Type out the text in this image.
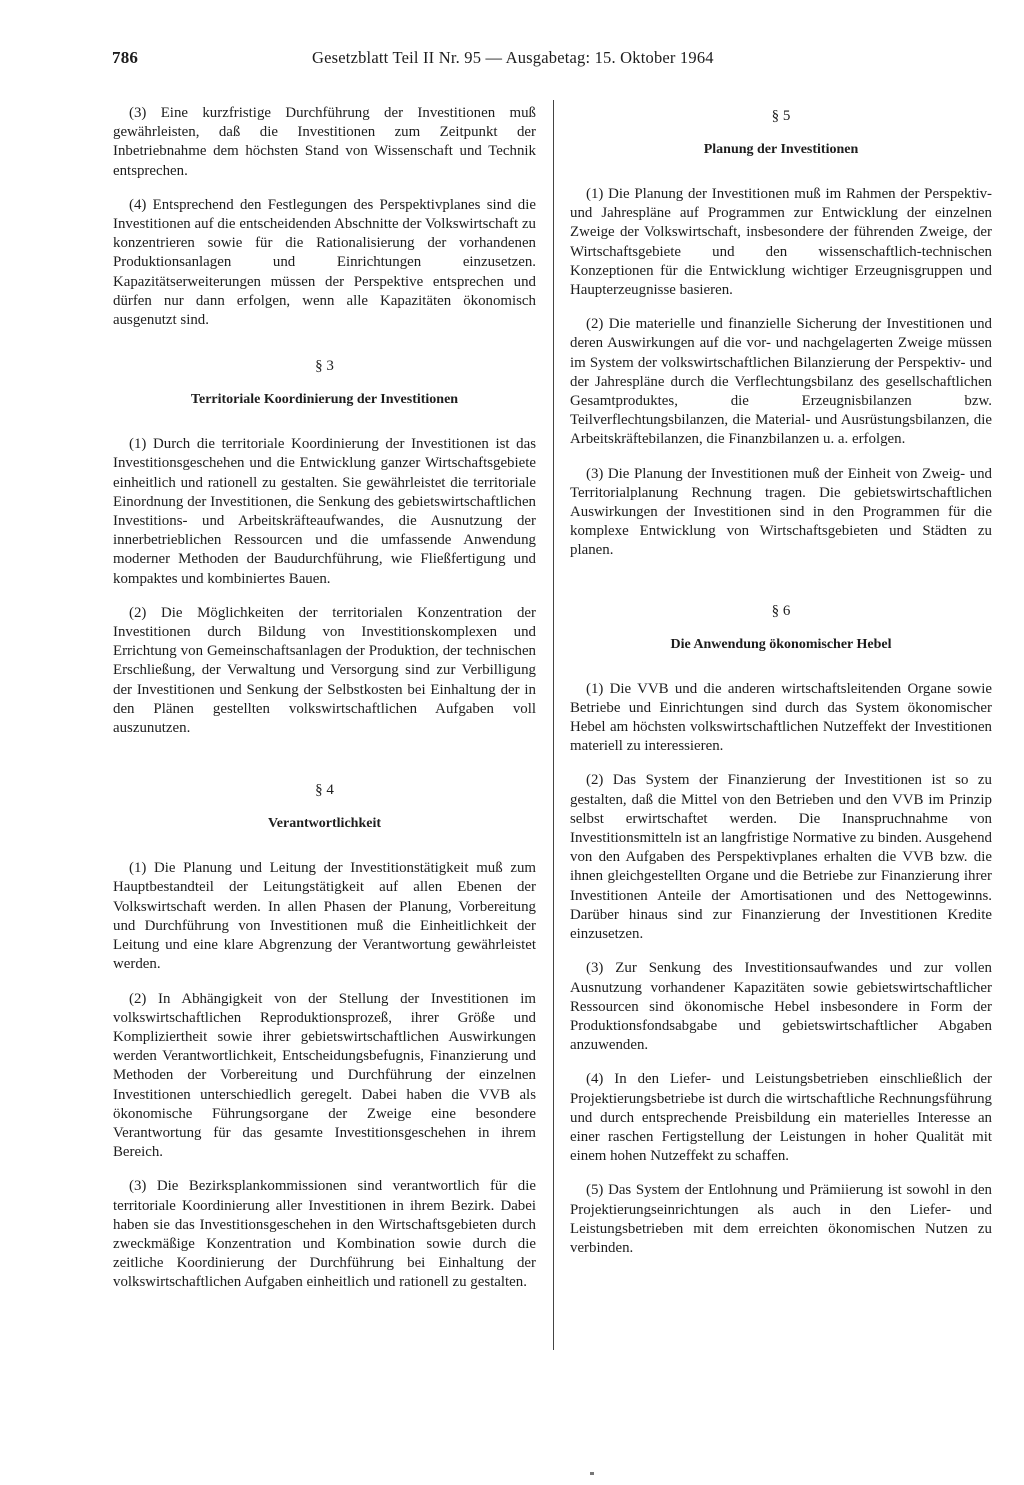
786	Gesetzblatt Teil II Nr. 95 — Ausgabetag: 15. Oktober 1964

(3) Eine kurzfristige Durchführung der Investitionen muß gewährleisten, daß die Investitionen zum Zeitpunkt der Inbetriebnahme dem höchsten Stand von Wissenschaft und Technik entsprechen.

(4) Entsprechend den Festlegungen des Perspektivplanes sind die Investitionen auf die entscheidenden Abschnitte der Volkswirtschaft zu konzentrieren sowie für die Rationalisierung der vorhandenen Produktionsanlagen und Einrichtungen einzusetzen. Kapazitätserweiterungen müssen der Perspektive entsprechen und dürfen nur dann erfolgen, wenn alle Kapazitäten ökonomisch ausgenutzt sind.

§ 3

Territoriale Koordinierung der Investitionen

(1) Durch die territoriale Koordinierung der Investitionen ist das Investitionsgeschehen und die Entwicklung ganzer Wirtschaftsgebiete einheitlich und rationell zu gestalten. Sie gewährleistet die territoriale Einordnung der Investitionen, die Senkung des gebietswirtschaftlichen Investitions- und Arbeitskräfteaufwandes, die Ausnutzung der innerbetrieblichen Ressourcen und die umfassende Anwendung moderner Methoden der Baudurchführung, wie Fließfertigung und kompaktes und kombiniertes Bauen.

(2) Die Möglichkeiten der territorialen Konzentration der Investitionen durch Bildung von Investitionskomplexen und Errichtung von Gemeinschaftsanlagen der Produktion, der technischen Erschließung, der Verwaltung und Versorgung sind zur Verbilligung der Investitionen und Senkung der Selbstkosten bei Einhaltung der in den Plänen gestellten volkswirtschaftlichen Aufgaben voll auszunutzen.

§ 4

Verantwortlichkeit

(1) Die Planung und Leitung der Investitionstätigkeit muß zum Hauptbestandteil der Leitungstätigkeit auf allen Ebenen der Volkswirtschaft werden. In allen Phasen der Planung, Vorbereitung und Durchführung von Investitionen muß die Einheitlichkeit der Leitung und eine klare Abgrenzung der Verantwortung gewährleistet werden.

(2) In Abhängigkeit von der Stellung der Investitionen im volkswirtschaftlichen Reproduktionsprozeß, ihrer Größe und Kompliziertheit sowie ihrer gebietswirtschaftlichen Auswirkungen werden Verantwortlichkeit, Entscheidungsbefugnis, Finanzierung und Methoden der Vorbereitung und Durchführung der einzelnen Investitionen unterschiedlich geregelt. Dabei haben die VVB als ökonomische Führungsorgane der Zweige eine besondere Verantwortung für das gesamte Investitionsgeschehen in ihrem Bereich.

(3) Die Bezirksplankommissionen sind verantwortlich für die territoriale Koordinierung aller Investitionen in ihrem Bezirk. Dabei haben sie das Investitionsgeschehen in den Wirtschaftsgebieten durch zweckmäßige Konzentration und Kombination sowie durch die zeitliche Koordinierung der Durchführung bei Einhaltung der volkswirtschaftlichen Aufgaben einheitlich und rationell zu gestalten.

§ 5

Planung der Investitionen

(1) Die Planung der Investitionen muß im Rahmen der Perspektiv- und Jahrespläne auf Programmen zur Entwicklung der einzelnen Zweige der Volkswirtschaft, insbesondere der führenden Zweige, der Wirtschaftsgebiete und den wissenschaftlich-technischen Konzeptionen für die Entwicklung wichtiger Erzeugnisgruppen und Haupterzeugnisse basieren.

(2) Die materielle und finanzielle Sicherung der Investitionen und deren Auswirkungen auf die vor- und nachgelagerten Zweige müssen im System der volkswirtschaftlichen Bilanzierung der Perspektiv- und der Jahrespläne durch die Verflechtungsbilanz des gesellschaftlichen Gesamtproduktes, die Erzeugnisbilanzen bzw. Teilverflechtungsbilanzen, die Material- und Ausrüstungsbilanzen, die Arbeitskräftebilanzen, die Finanzbilanzen u. a. erfolgen.

(3) Die Planung der Investitionen muß der Einheit von Zweig- und Territorialplanung Rechnung tragen. Die gebietswirtschaftlichen Auswirkungen der Investitionen sind in den Programmen für die komplexe Entwicklung von Wirtschaftsgebieten und Städten zu planen.

§ 6

Die Anwendung ökonomischer Hebel

(1) Die VVB und die anderen wirtschaftsleitenden Organe sowie Betriebe und Einrichtungen sind durch das System ökonomischer Hebel am höchsten volkswirtschaftlichen Nutzeffekt der Investitionen materiell zu interessieren.

(2) Das System der Finanzierung der Investitionen ist so zu gestalten, daß die Mittel von den Betrieben und den VVB im Prinzip selbst erwirtschaftet werden. Die Inanspruchnahme von Investitionsmitteln ist an langfristige Normative zu binden. Ausgehend von den Aufgaben des Perspektivplanes erhalten die VVB bzw. die ihnen gleichgestellten Organe und die Betriebe zur Finanzierung ihrer Investitionen Anteile der Amortisationen und des Nettogewinns. Darüber hinaus sind zur Finanzierung der Investitionen Kredite einzusetzen.

(3) Zur Senkung des Investitionsaufwandes und zur vollen Ausnutzung vorhandener Kapazitäten sowie gebietswirtschaftlicher Ressourcen sind ökonomische Hebel insbesondere in Form der Produktionsfondsabgabe und gebietswirtschaftlicher Abgaben anzuwenden.

(4) In den Liefer- und Leistungsbetrieben einschließlich der Projektierungsbetriebe ist durch die wirtschaftliche Rechnungsführung und durch entsprechende Preisbildung ein materielles Interesse an einer raschen Fertigstellung der Leistungen in hoher Qualität mit einem hohen Nutzeffekt zu schaffen.

(5) Das System der Entlohnung und Prämiierung ist sowohl in den Projektierungseinrichtungen als auch in den Liefer- und Leistungsbetrieben mit dem erreichten ökonomischen Nutzen zu verbinden.
